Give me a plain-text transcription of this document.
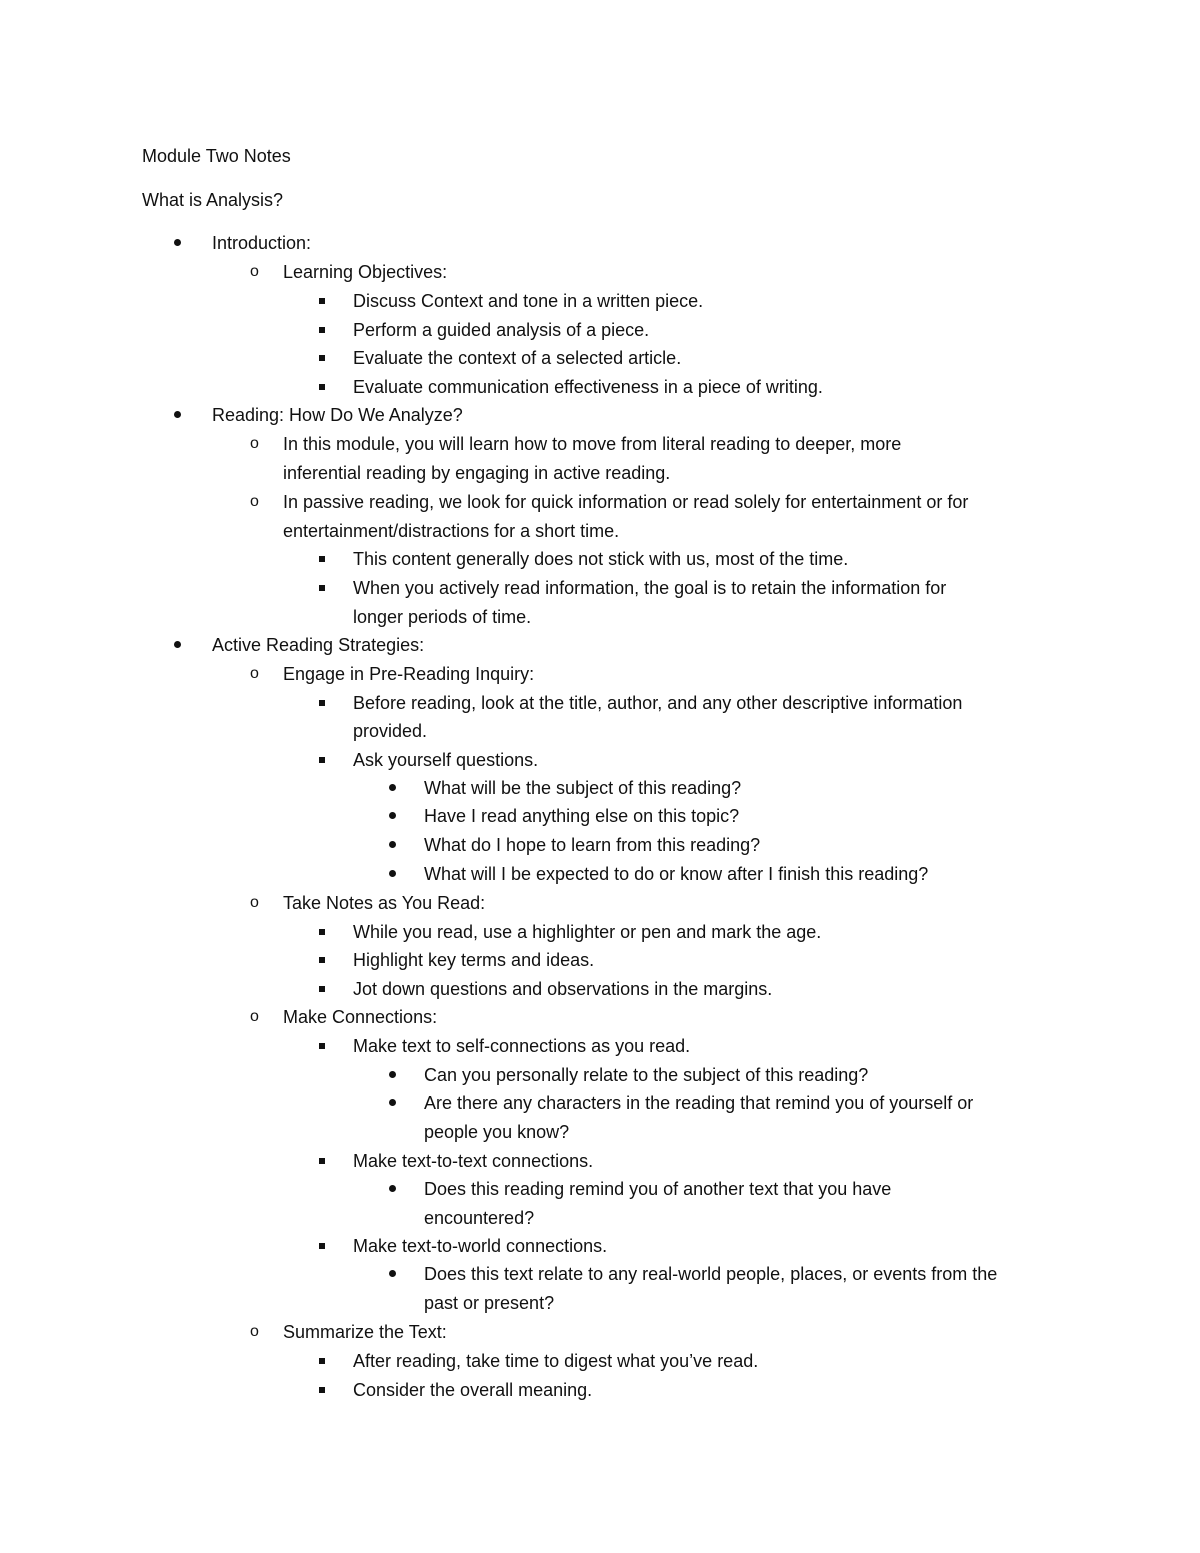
Module Two Notes
What is Analysis?
Introduction:
o Learning Objectives:
Discuss Context and tone in a written piece.
Perform a guided analysis of a piece.
Evaluate the context of a selected article.
Evaluate communication effectiveness in a piece of writing.
Reading: How Do We Analyze?
o In this module, you will learn how to move from literal reading to deeper, more
inferential reading by engaging in active reading.
o In passive reading, we look for quick information or read solely for entertainment or for
entertainment/distractions for a short time.
This content generally does not stick with us, most of the time.
When you actively read information, the goal is to retain the information for
longer periods of time.
Active Reading Strategies:
o Engage in Pre-Reading Inquiry:
Before reading, look at the title, author, and any other descriptive information
provided.
Ask yourself questions.
What will be the subject of this reading?
Have I read anything else on this topic?
What do I hope to learn from this reading?
What will I be expected to do or know after I finish this reading?
o Take Notes as You Read:
While you read, use a highlighter or pen and mark the age.
Highlight key terms and ideas.
Jot down questions and observations in the margins.
o Make Connections:
Make text to self-connections as you read.
Can you personally relate to the subject of this reading?
Are there any characters in the reading that remind you of yourself or
people you know?
Make text-to-text connections.
Does this reading remind you of another text that you have
encountered?
Make text-to-world connections.
Does this text relate to any real-world people, places, or events from the
past or present?
o Summarize the Text:
After reading, take time to digest what you’ve read.
Consider the overall meaning.
